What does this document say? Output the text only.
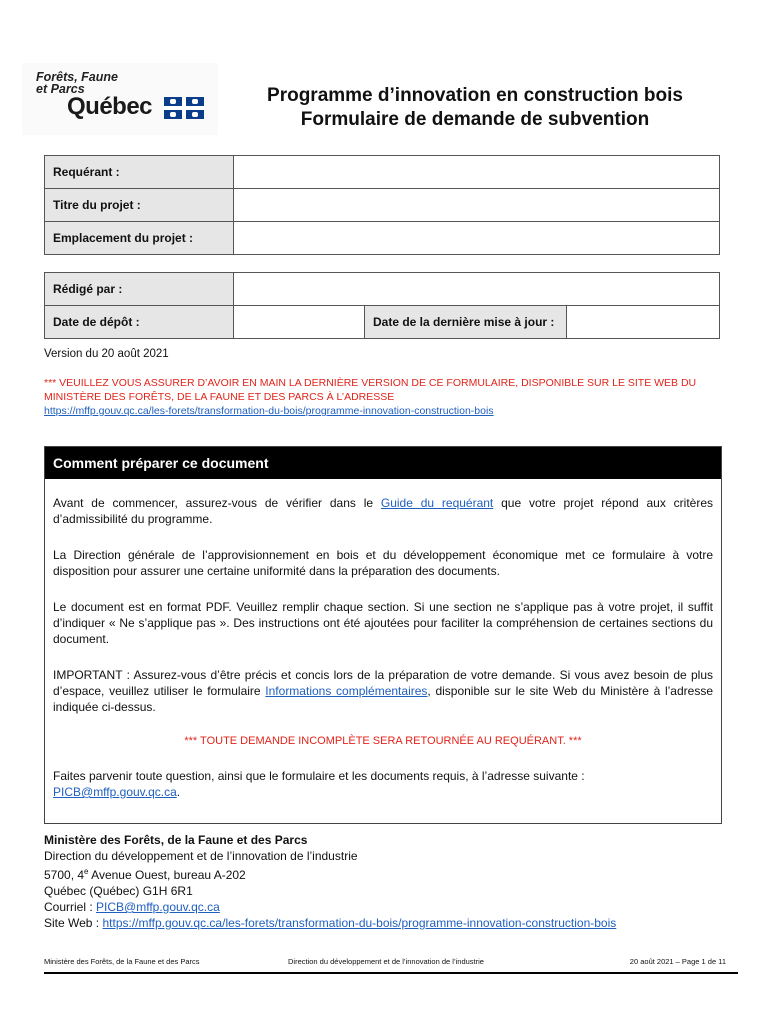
Forêts, Faune
et Parcs
Québec	Programme d’innovation en construction bois
Formulaire de demande de subvention
Requérant :	
Titre du projet :	
Emplacement du projet :	
Rédigé par :			
Date de dépôt :		Date de la dernière mise à jour :	
Version du 20 août 2021
*** VEUILLEZ VOUS ASSURER D’AVOIR EN MAIN LA DERNIÈRE VERSION DE CE FORMULAIRE, DISPONIBLE SUR LE SITE WEB DU MINISTÈRE DES FORÊTS, DE LA FAUNE ET DES PARCS À L’ADRESSE
https://mffp.gouv.qc.ca/les-forets/transformation-du-bois/programme-innovation-construction-bois
Comment préparer ce document

Avant de commencer, assurez-vous de vérifier dans le Guide du requérant que votre projet répond aux critères d’admissibilité du programme.

La Direction générale de l’approvisionnement en bois et du développement économique met ce formulaire à votre disposition pour assurer une certaine uniformité dans la préparation des documents.

Le document est en format PDF. Veuillez remplir chaque section. Si une section ne s’applique pas à votre projet, il suffit d’indiquer « Ne s’applique pas ». Des instructions ont été ajoutées pour faciliter la compréhension de certaines sections du document.

IMPORTANT : Assurez-vous d’être précis et concis lors de la préparation de votre demande. Si vous avez besoin de plus d’espace, veuillez utiliser le formulaire Informations complémentaires, disponible sur le site Web du Ministère à l’adresse indiquée ci-dessus.

*** TOUTE DEMANDE INCOMPLÈTE SERA RETOURNÉE AU REQUÉRANT. ***

Faites parvenir toute question, ainsi que le formulaire et les documents requis, à l’adresse suivante :
PICB@mffp.gouv.qc.ca.

Ministère des Forêts, de la Faune et des Parcs
Direction du développement et de l’innovation de l’industrie
5700, 4e Avenue Ouest, bureau A-202
Québec (Québec) G1H 6R1
Courriel : PICB@mffp.gouv.qc.ca
Site Web : https://mffp.gouv.qc.ca/les-forets/transformation-du-bois/programme-innovation-construction-bois
Ministère des Forêts, de la Faune et des Parcs	Direction du développement et de l’innovation de l’industrie	20 août 2021 – Page 1 de 11
